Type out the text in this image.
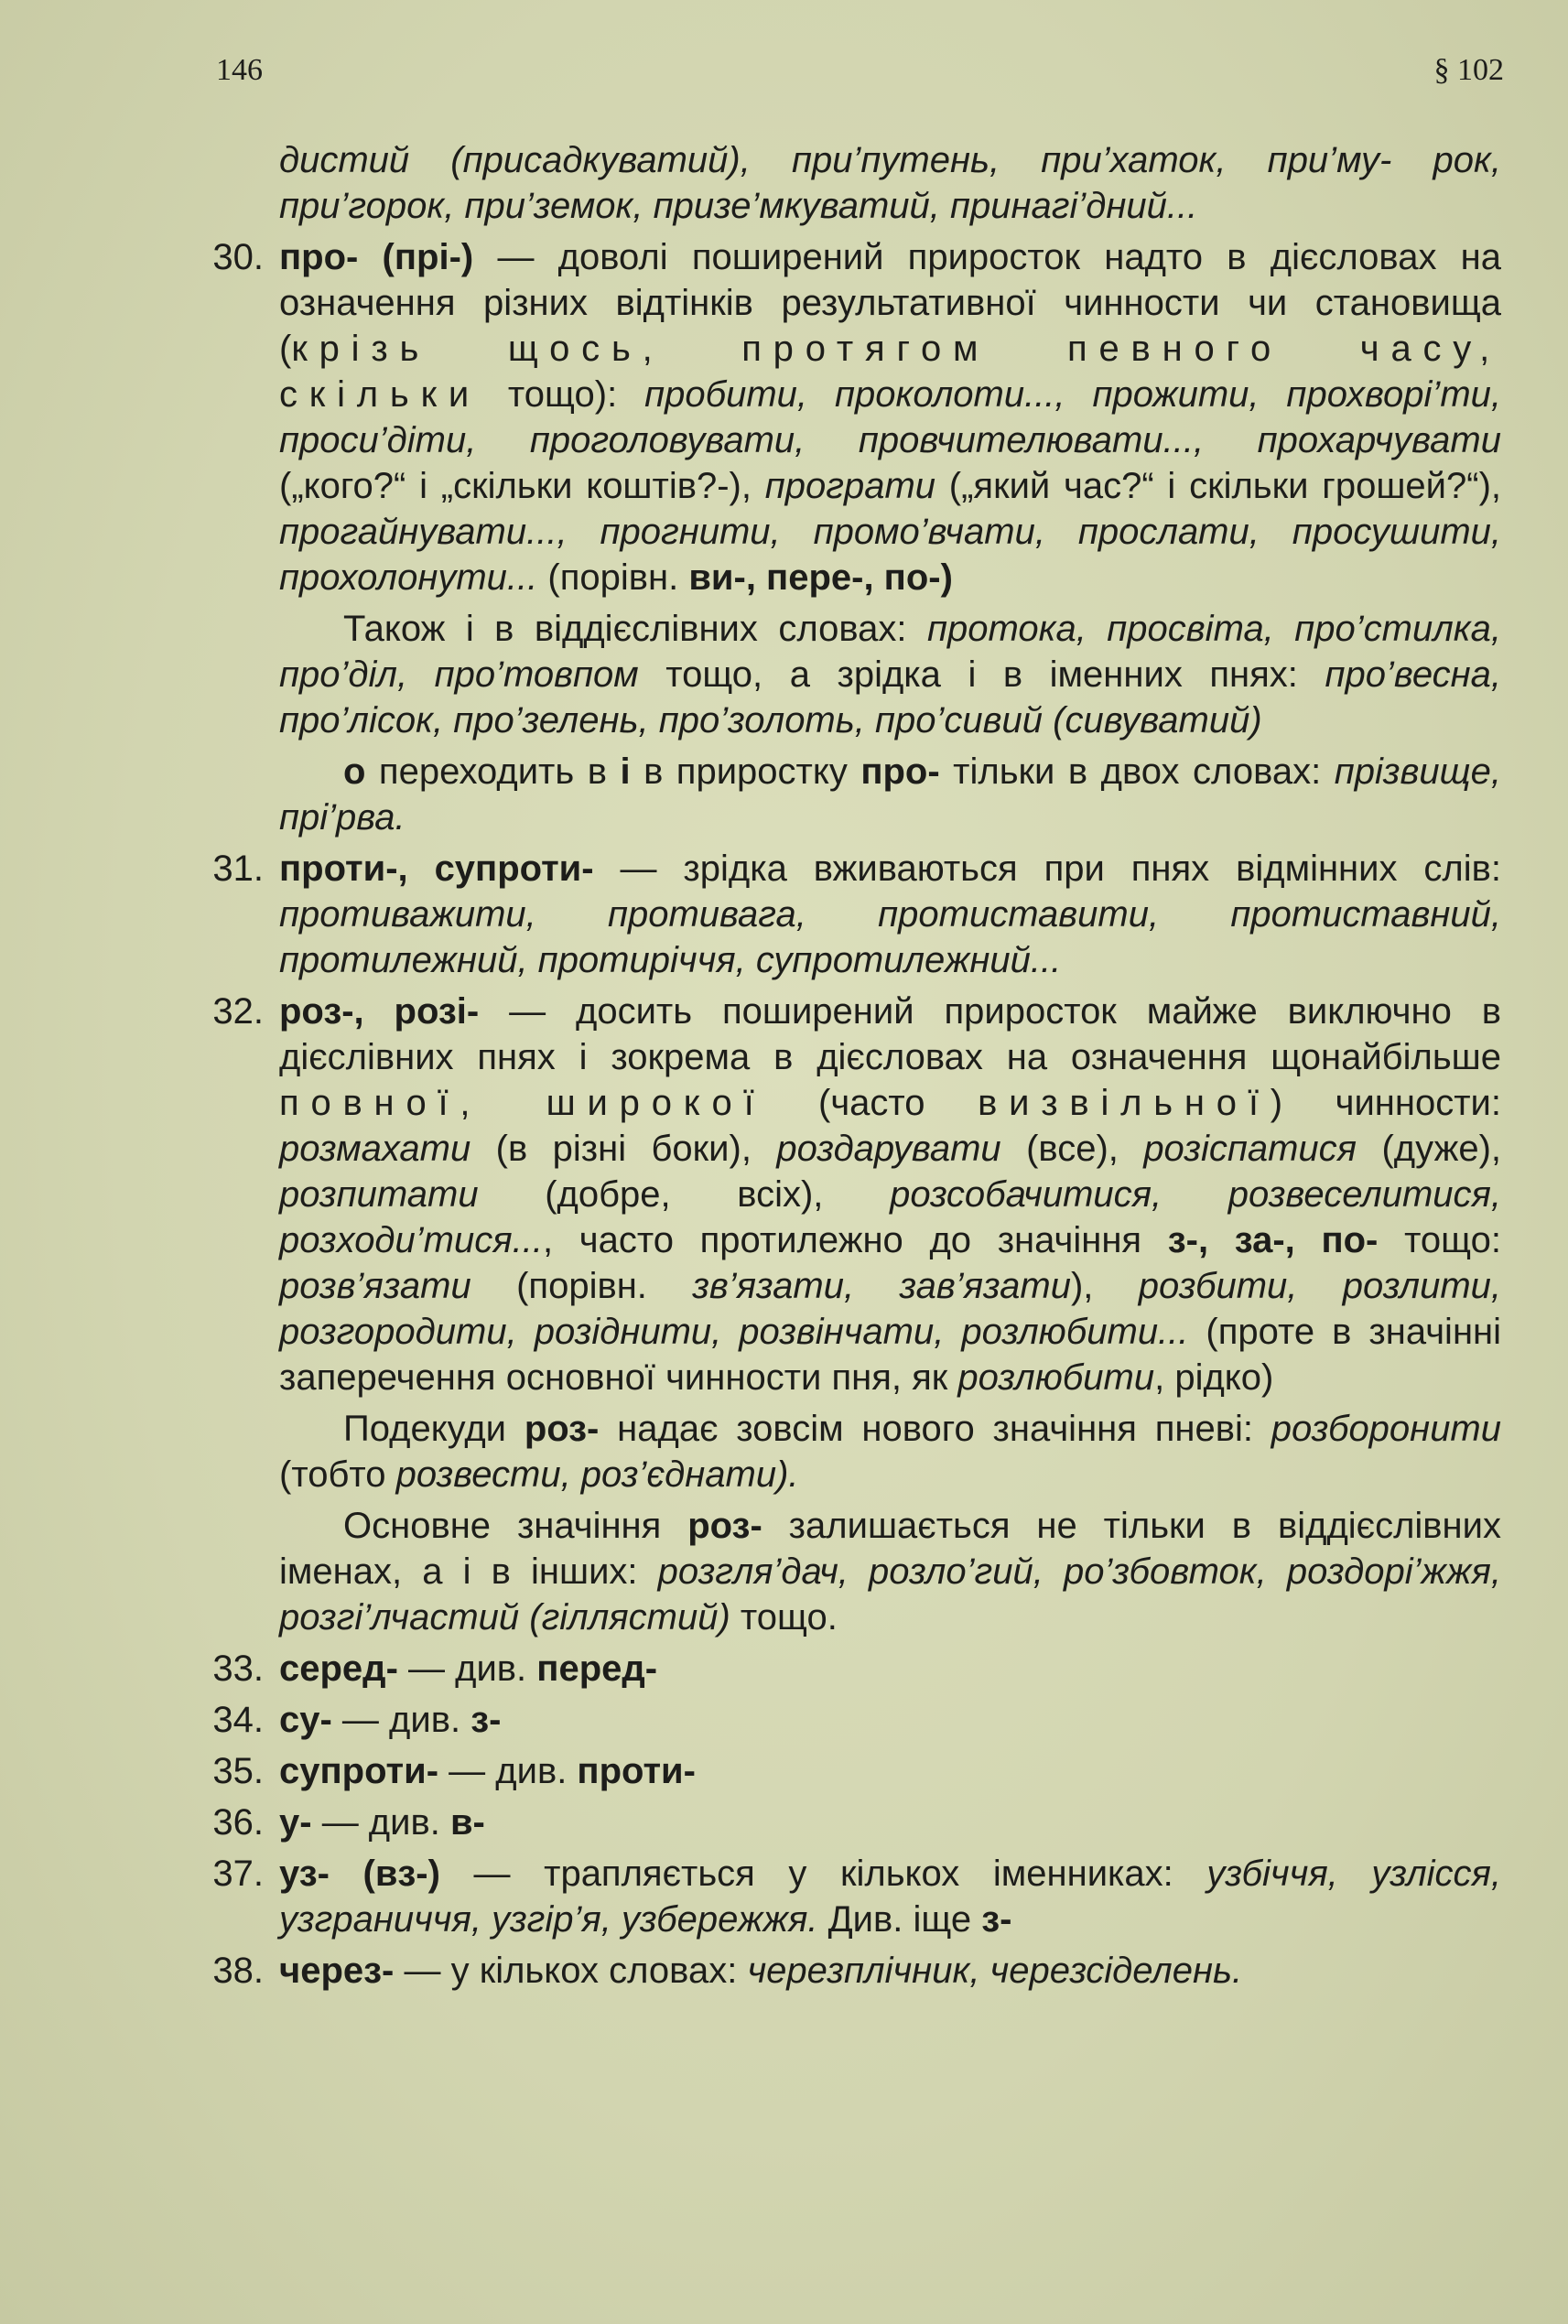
146	§ 102

дистий (присадкуватий), при’путень, при’хаток, при’му- рок, при’горок, при’земок, призе’мкуватий, принагі’дний...

30. про- (прі-) — доволі поширений приросток надто в дієсловах на означення різних відтінків результативної чинности чи становища (крізь щось, протягом певного часу, скільки тощо): пробити, проколоти..., прожити, прохворі’ти, проси’діти, проголовувати, провчителювати..., прохарчувати („кого?“ і „скільки коштів?-), програти („який час?“ і скільки грошей?“), прогайнувати..., прогнити, промо’вчати, прослати, просушити, прохолонути... (порівн. ви-, пере-, по-)

Також і в віддієслівних словах: протока, просвіта, про’стилка, про’діл, про’товпом тощо, а зрідка і в іменних пнях: про’весна, про’лісок, про’зелень, про’золоть, про’сивий (сивуватий)

о переходить в і в приростку про- тільки в двох словах: прізвище, прі’рва.

31. проти-, супроти- — зрідка вживаються при пнях відмінних слів: противажити, противага, протиставити, протиставний, протилежний, протиріччя, супротилежний...

32. роз-, розі- — досить поширений приросток майже виключно в дієслівних пнях і зокрема в дієсловах на означення щонайбільше повної, широкої (часто визвільної) чинности: розмахати (в різні боки), роздарувати (все), розіспатися (дуже), розпитати (добре, всіх), розсобачитися, розвеселитися, розходи’тися..., часто протилежно до значіння з-, за-, по- тощо: розв’язати (порівн. зв’язати, зав’язати), розбити, розлити, розгородити, розіднити, розвінчати, розлюбити... (проте в значінні заперечення основної чинности пня, як розлюбити, рідко)

Подекуди роз- надає зовсім нового значіння пневі: розборонити (тобто розвести, роз’єднати).

Основне значіння роз- залишається не тільки в віддієслівних іменах, а і в інших: розгля’дач, розло’гий, ро’збовток, роздорі’жжя, розгі’лчастий (гіллястий) тощо.

33. серед- — див. перед-

34. су- — див. з-

35. супроти- — див. проти-

36. у- — див. в-

37. уз- (вз-) — трапляється у кількох іменниках: узбіччя, узлісся, узграниччя, узгір’я, узбережжя. Див. іще з-

38. через- — у кількох словах: черезплічник, черезсіделень.
